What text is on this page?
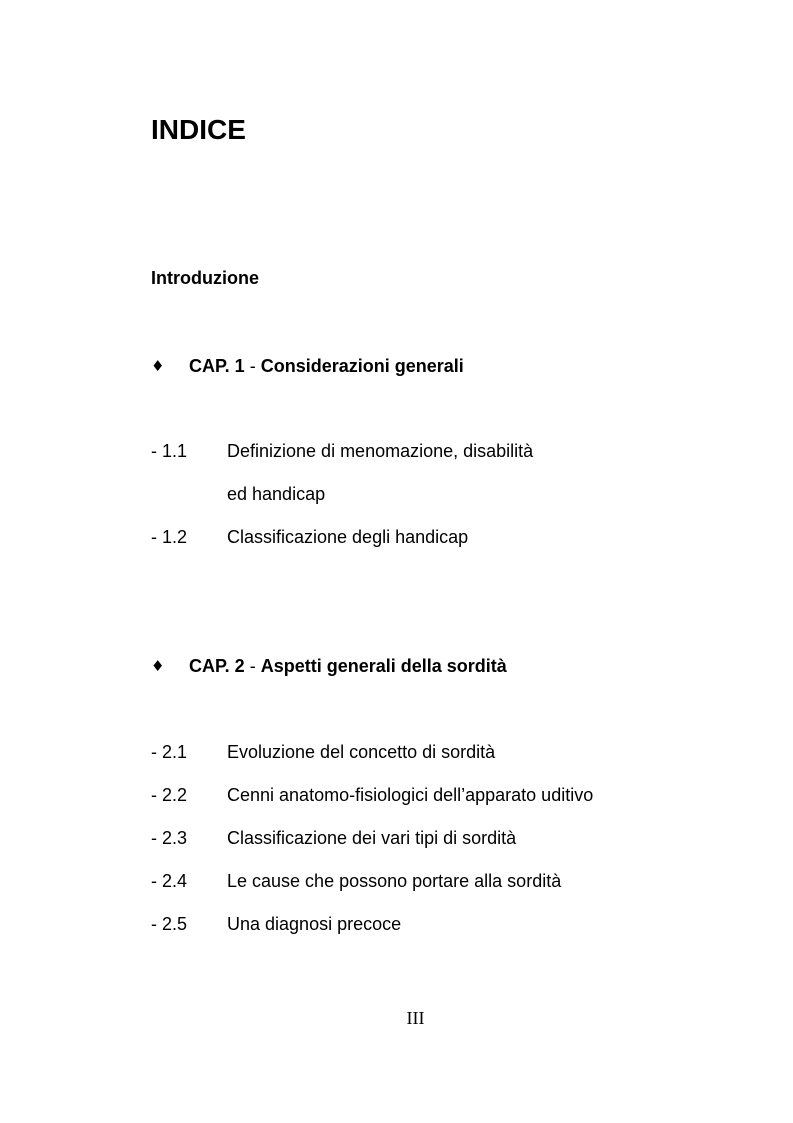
INDICE
Introduzione
♦ CAP. 1 - Considerazioni generali
- 1.1 Definizione di menomazione, disabilità
ed handicap
- 1.2 Classificazione degli handicap
♦ CAP. 2 - Aspetti generali della sordità
- 2.1 Evoluzione del concetto di sordità
- 2.2 Cenni anatomo-fisiologici dell’apparato uditivo
- 2.3 Classificazione dei vari tipi di sordità
- 2.4 Le cause che possono portare alla sordità
- 2.5 Una diagnosi precoce
III
